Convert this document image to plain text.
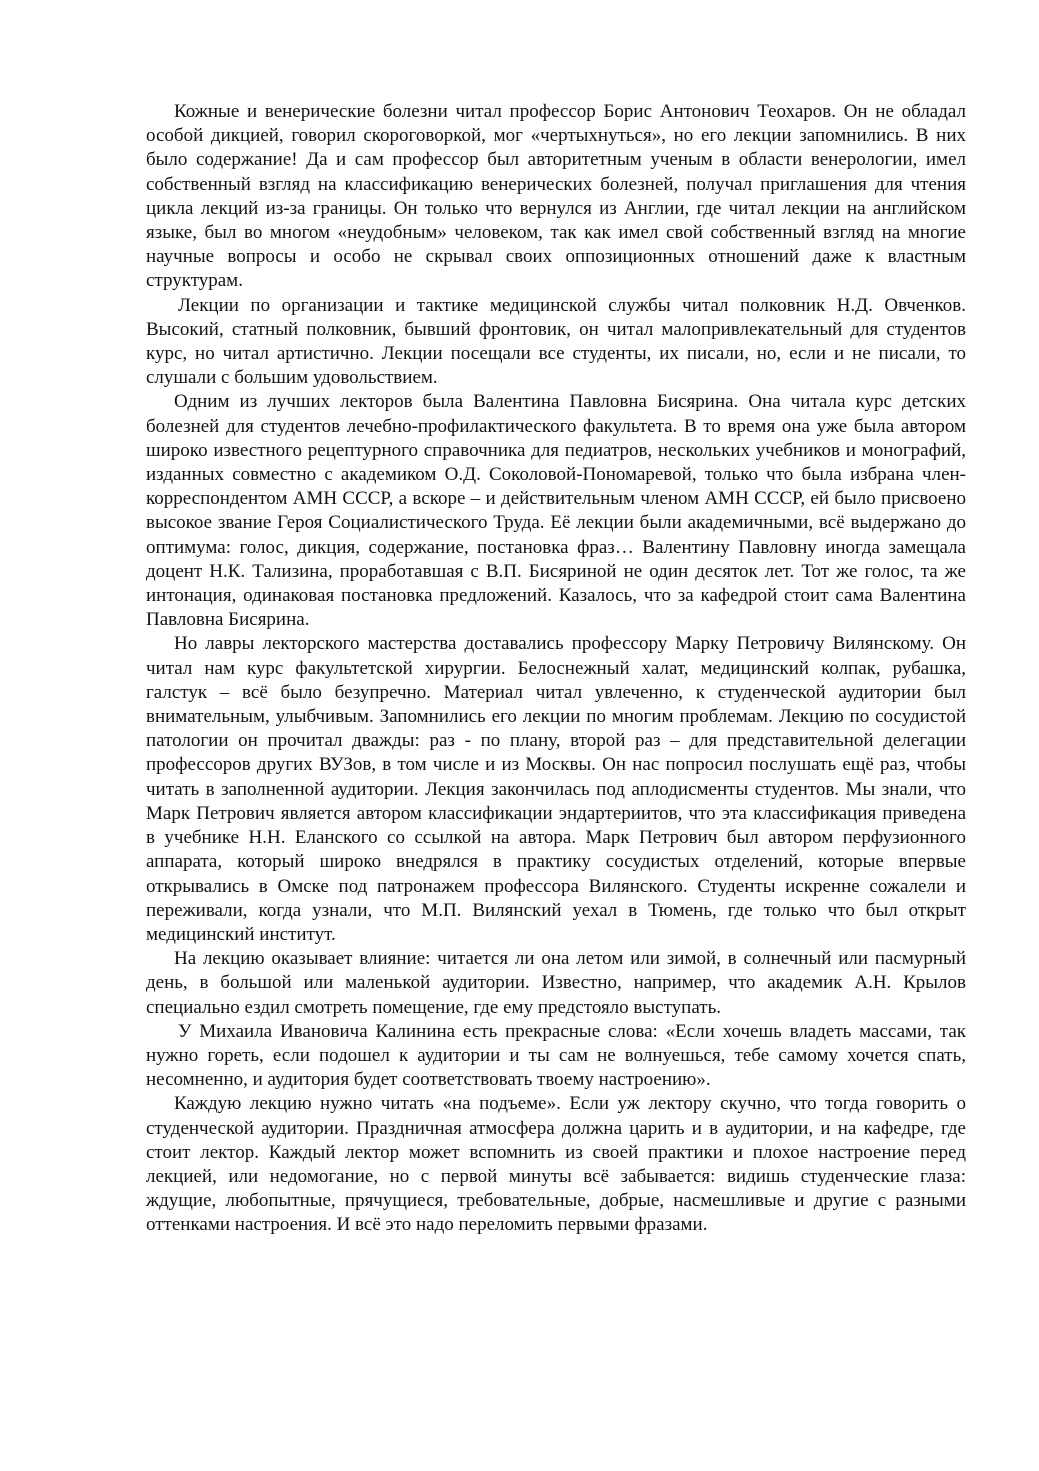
Кожные и венерические болезни читал профессор Борис Антонович Теохаров. Он не обладал особой дикцией, говорил скороговоркой, мог «чертыхнуться», но его лекции запомнились. В них было содержание! Да и сам профессор был авторитетным ученым в области венерологии, имел собственный взгляд на классификацию венерических болезней, получал приглашения для чтения цикла лекций из-за границы. Он только что вернулся из Англии, где читал лекции на английском языке, был во многом «неудобным» человеком, так как имел свой собственный взгляд на многие научные вопросы и особо не скрывал своих оппозиционных отношений даже к властным структурам.

Лекции по организации и тактике медицинской службы читал полковник Н.Д. Овченков. Высокий, статный полковник, бывший фронтовик, он читал малопривлекательный для студентов курс, но читал артистично. Лекции посещали все студенты, их писали, но, если и не писали, то слушали с большим удовольствием.

Одним из лучших лекторов была Валентина Павловна Бисярина. Она читала курс детских болезней для студентов лечебно-профилактического факультета. В то время она уже была автором широко известного рецептурного справочника для педиатров, нескольких учебников и монографий, изданных совместно с академиком О.Д. Соколовой-Пономаревой, только что была избрана член-корреспондентом АМН СССР, а вскоре – и действительным членом АМН СССР, ей было присвоено высокое звание Героя Социалистического Труда. Её лекции были академичными, всё выдержано до оптимума: голос, дикция, содержание, постановка фраз… Валентину Павловну иногда замещала доцент Н.К. Тализина, проработавшая с В.П. Бисяриной не один десяток лет. Тот же голос, та же интонация, одинаковая постановка предложений. Казалось, что за кафедрой стоит сама Валентина Павловна Бисярина.

Но лавры лекторского мастерства доставались профессору Марку Петровичу Вилянскому. Он читал нам курс факультетской хирургии. Белоснежный халат, медицинский колпак, рубашка, галстук – всё было безупречно. Материал читал увлеченно, к студенческой аудитории был внимательным, улыбчивым. Запомнились его лекции по многим проблемам. Лекцию по сосудистой патологии он прочитал дважды: раз - по плану, второй раз – для представительной делегации профессоров других ВУЗов, в том числе и из Москвы. Он нас попросил послушать ещё раз, чтобы читать в заполненной аудитории. Лекция закончилась под аплодисменты студентов. Мы знали, что Марк Петрович является автором классификации эндартериитов, что эта классификация приведена в учебнике Н.Н. Еланского со ссылкой на автора. Марк Петрович был автором перфузионного аппарата, который широко внедрялся в практику сосудистых отделений, которые впервые открывались в Омске под патронажем профессора Вилянского. Студенты искренне сожалели и переживали, когда узнали, что М.П. Вилянский уехал в Тюмень, где только что был открыт медицинский институт.

На лекцию оказывает влияние: читается ли она летом или зимой, в солнечный или пасмурный день, в большой или маленькой аудитории. Известно, например, что академик А.Н. Крылов специально ездил смотреть помещение, где ему предстояло выступать.

У Михаила Ивановича Калинина есть прекрасные слова: «Если хочешь владеть массами, так нужно гореть, если подошел к аудитории и ты сам не волнуешься, тебе самому хочется спать, несомненно, и аудитория будет соответствовать твоему настроению».

Каждую лекцию нужно читать «на подъеме». Если уж лектору скучно, что тогда говорить о студенческой аудитории. Праздничная атмосфера должна царить и в аудитории, и на кафедре, где стоит лектор. Каждый лектор может вспомнить из своей практики и плохое настроение перед лекцией, или недомогание, но с первой минуты всё забывается: видишь студенческие глаза: ждущие, любопытные, прячущиеся, требовательные, добрые, насмешливые и другие с разными оттенками настроения. И всё это надо переломить первыми фразами.
